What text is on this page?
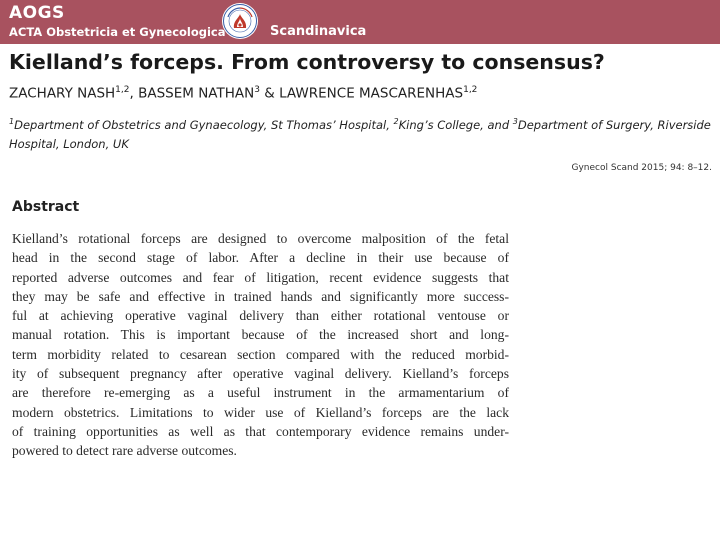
AOGS
ACTA Obstetricia et Gynecologica	Scandinavica
Kielland’s forceps. From controversy to consensus?

ZACHARY NASH$^{1,2}$, BASSEM NATHAN$^3$ & LAWRENCE MASCARENHAS$^{1,2}$

$^1$Department of Obstetrics and Gynaecology, St Thomas’ Hospital, $^2$King’s College, and $^3$Department of Surgery, Riverside Hospital, London, UK

Gynecol Scand 2015; 94: 8–12.

Abstract
Kielland’s rotational forceps are designed to overcome malposition of the fetal
head in the second stage of labor. After a decline in their use because of
reported adverse outcomes and fear of litigation, recent evidence suggests that
they may be safe and effective in trained hands and significantly more success-
ful at achieving operative vaginal delivery than either rotational ventouse or
manual rotation. This is important because of the increased short and long-
term morbidity related to cesarean section compared with the reduced morbid-
ity of subsequent pregnancy after operative vaginal delivery. Kielland’s forceps
are therefore re-emerging as a useful instrument in the armamentarium of
modern obstetrics. Limitations to wider use of Kielland’s forceps are the lack
of training opportunities as well as that contemporary evidence remains under-
powered to detect rare adverse outcomes.
